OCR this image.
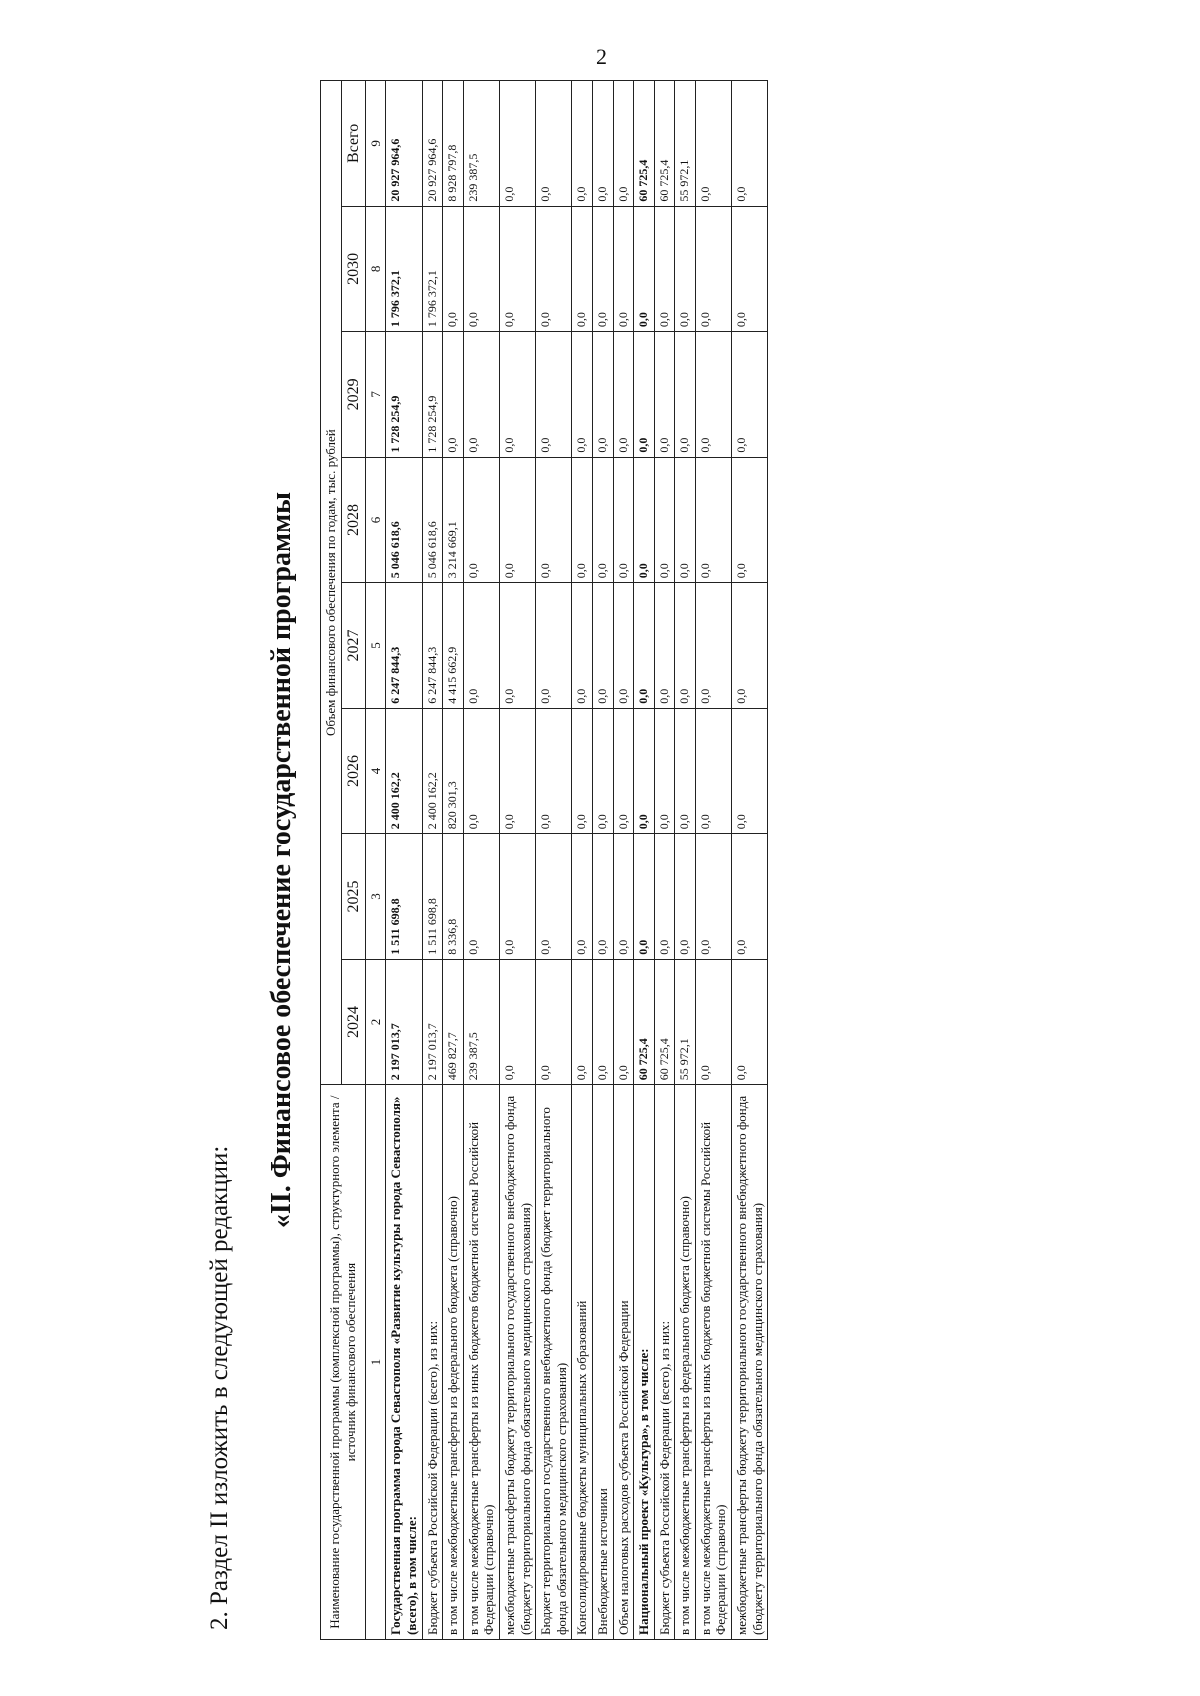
2
2. Раздел II изложить в следующей редакции:
«II. Финансовое обеспечение государственной программы
Наименование государственной программы (комплексной программы), структурного элемента / источник финансового обеспечения	Объем финансового обеспечения по годам, тыс. рублей							
	2024	2025	2026	2027	2028	2029	2030	Всего
1	2	3	4	5	6	7	8	9
Государственная программа города Севастополя «Развитие культуры города Севастополя» (всего), в том числе:	2 197 013,7	1 511 698,8	2 400 162,2	6 247 844,3	5 046 618,6	1 728 254,9	1 796 372,1	20 927 964,6
Бюджет субъекта Российской Федерации (всего), из них:	2 197 013,7	1 511 698,8	2 400 162,2	6 247 844,3	5 046 618,6	1 728 254,9	1 796 372,1	20 927 964,6
в том числе межбюджетные трансферты из федерального бюджета (справочно)	469 827,7	8 336,8	820 301,3	4 415 662,9	3 214 669,1	0,0	0,0	8 928 797,8
в том числе межбюджетные трансферты из иных бюджетов бюджетной системы Российской Федерации (справочно)	239 387,5	0,0	0,0	0,0	0,0	0,0	0,0	239 387,5
межбюджетные трансферты бюджету территориального государственного внебюджетного фонда (бюджету территориального фонда обязательного медицинского страхования)	0,0	0,0	0,0	0,0	0,0	0,0	0,0	0,0
Бюджет территориального государственного внебюджетного фонда (бюджет территориального фонда обязательного медицинского страхования)	0,0	0,0	0,0	0,0	0,0	0,0	0,0	0,0
Консолидированные бюджеты муниципальных образований	0,0	0,0	0,0	0,0	0,0	0,0	0,0	0,0
Внебюджетные источники	0,0	0,0	0,0	0,0	0,0	0,0	0,0	0,0
Объем налоговых расходов субъекта Российской Федерации	0,0	0,0	0,0	0,0	0,0	0,0	0,0	0,0
Национальный проект «Культура», в том числе:	60 725,4	0,0	0,0	0,0	0,0	0,0	0,0	60 725,4
Бюджет субъекта Российской Федерации (всего), из них:	60 725,4	0,0	0,0	0,0	0,0	0,0	0,0	60 725,4
в том числе межбюджетные трансферты из федерального бюджета (справочно)	55 972,1	0,0	0,0	0,0	0,0	0,0	0,0	55 972,1
в том числе межбюджетные трансферты из иных бюджетов бюджетной системы Российской Федерации (справочно)	0,0	0,0	0,0	0,0	0,0	0,0	0,0	0,0
межбюджетные трансферты бюджету территориального государственного внебюджетного фонда (бюджету территориального фонда обязательного медицинского страхования)	0,0	0,0	0,0	0,0	0,0	0,0	0,0	0,0
